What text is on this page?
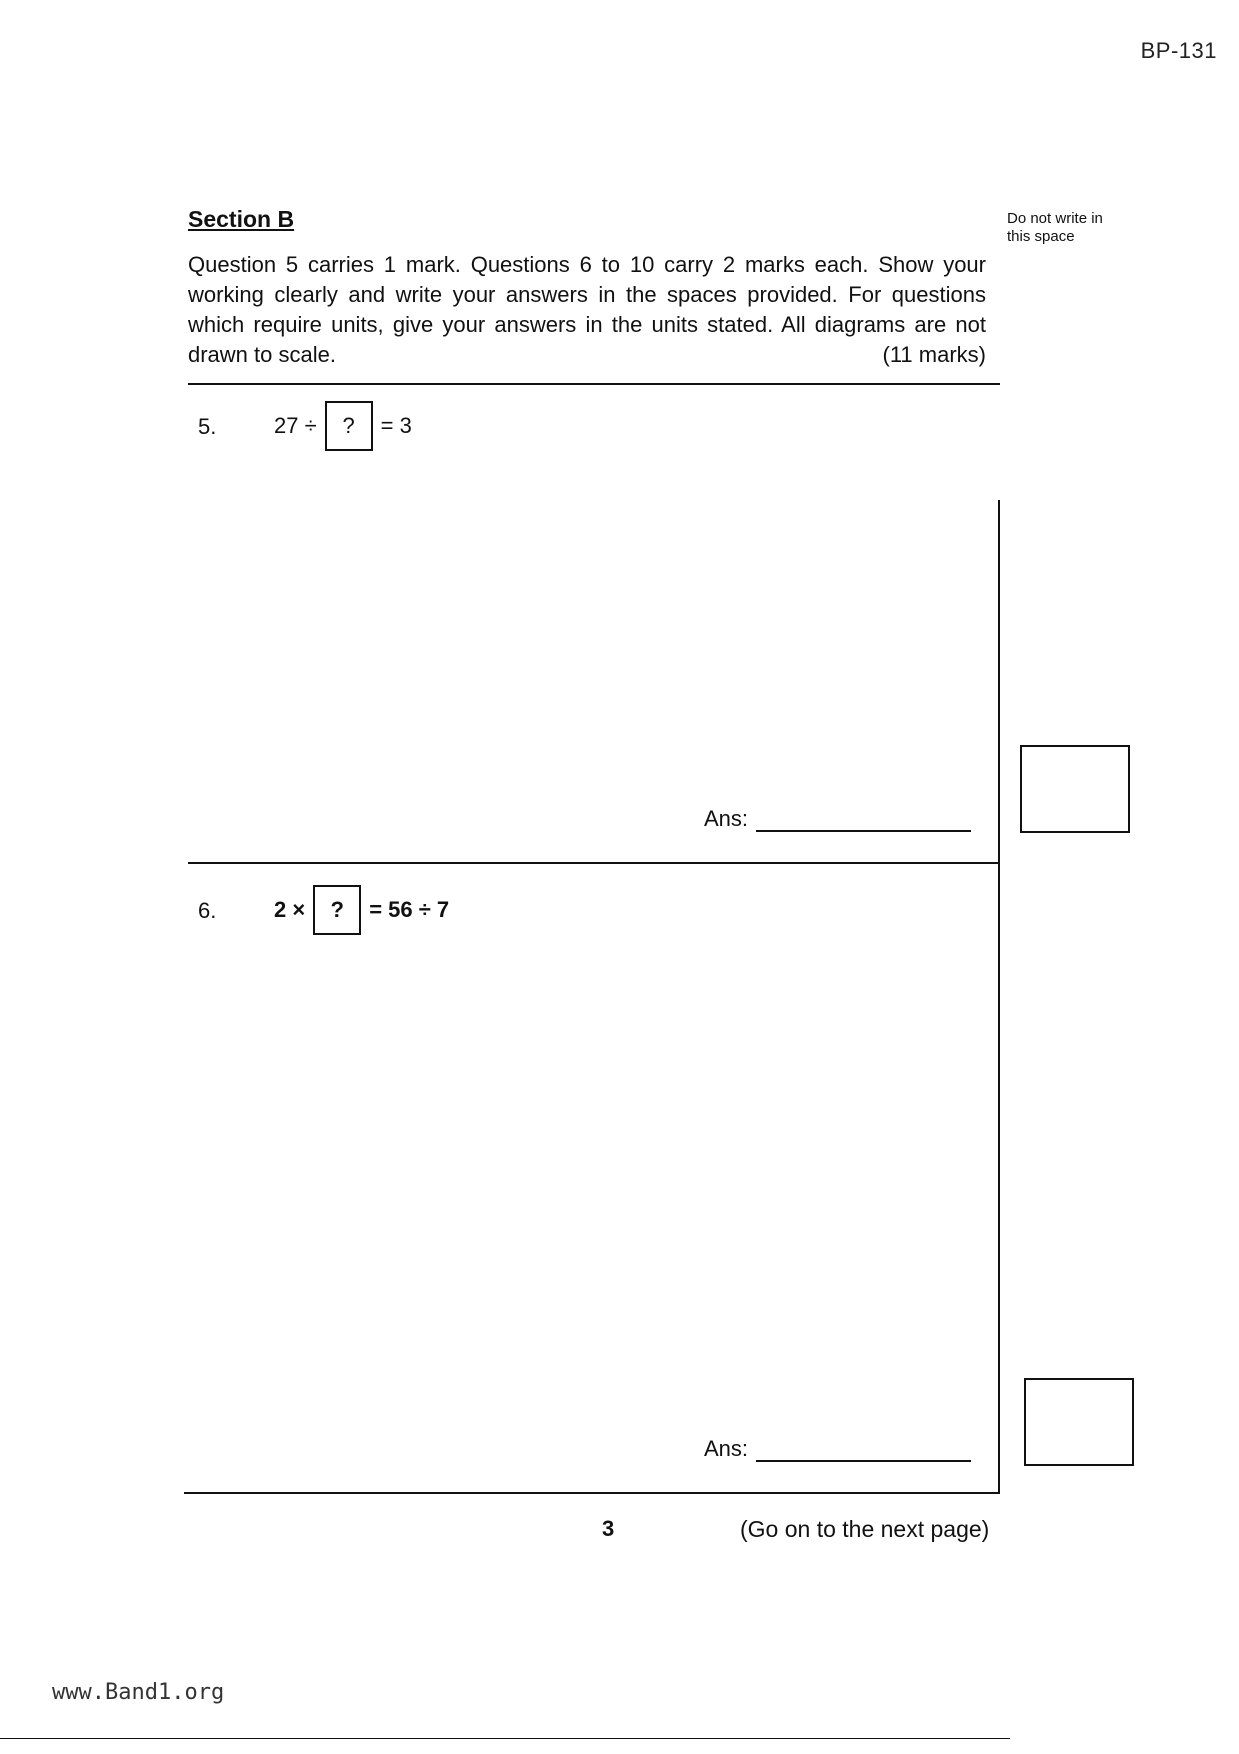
BP-131
Section B	Do not write in this space
Question 5 carries 1 mark. Questions 6 to 10 carry 2 marks each. Show your working clearly and write your answers in the spaces provided. For questions which require units, give your answers in the units stated. All diagrams are not drawn to scale.	(11 marks)
5.	27 ÷	?	= 3
Ans:
6.	2 ×	?	= 56 ÷ 7
Ans:
3	(Go on to the next page)
www.Band1.org
